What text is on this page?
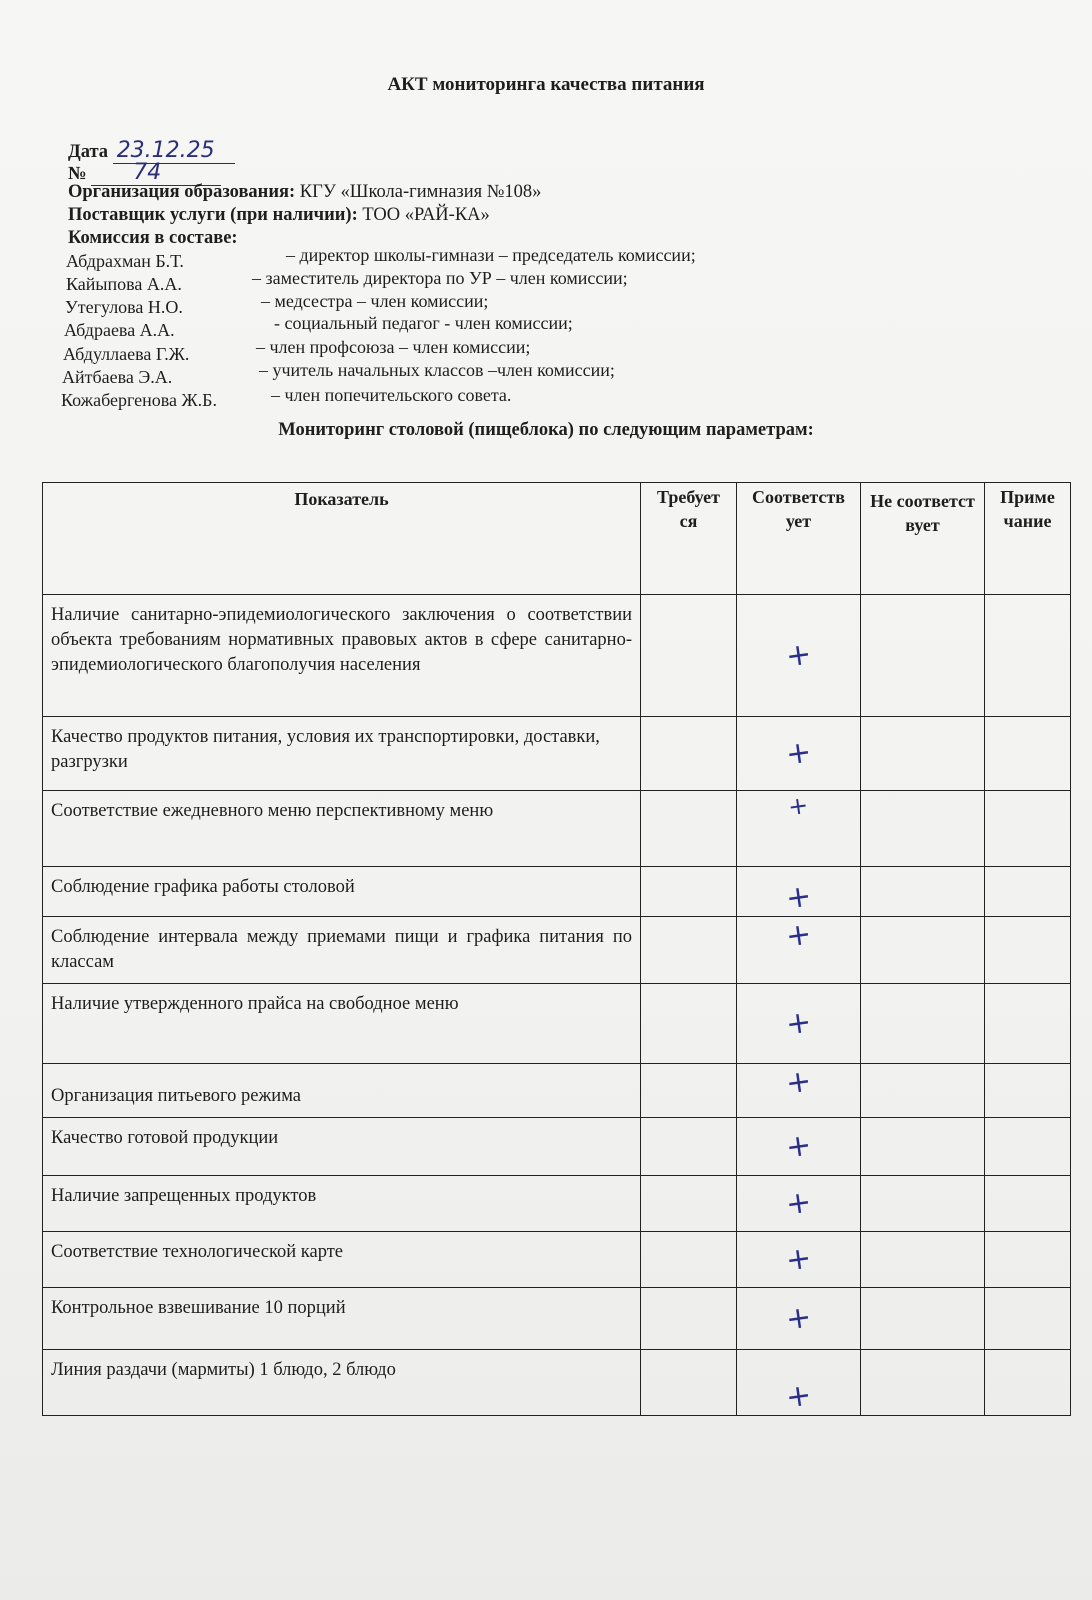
АКТ мониторинга качества питания
Дата 23.12.25
№ 74
Организация образования: КГУ «Школа-гимназия №108»
Поставщик услуги (при наличии): ТОО «РАЙ-КА»
Комиссия в составе:
Абдрахман Б.Т.	– директор школы-гимнази – председатель комиссии;
Кайыпова А.А.	– заместитель директора по УР – член комиссии;
Утегулова Н.О.	– медсестра – член комиссии;
Абдраева А.А.	- социальный педагог - член комиссии;
Абдуллаева Г.Ж.	– член профсоюза – член комиссии;
Айтбаева Э.А.	– учитель начальных классов –член комиссии;
Кожабергенова Ж.Б.	– член попечительского совета.
Мониторинг столовой (пищеблока) по следующим параметрам:
Показатель	Требуется	Соответствует	Не соответствует	Примечание
Наличие санитарно-эпидемиологического заключения о соответствии объекта требованиям нормативных правовых актов в сфере санитарно-эпидемиологического благополучия населения		+		
Качество продуктов питания, условия их транспортировки, доставки, разгрузки		+		
Соответствие ежедневного меню перспективному меню		+		
Соблюдение графика работы столовой		+		
Соблюдение интервала между приемами пищи и графика питания по классам		+		
Наличие утвержденного прайса на свободное меню		+		
Организация питьевого режима		+		
Качество готовой продукции		+		
Наличие запрещенных продуктов		+		
Соответствие технологической карте		+		
Контрольное взвешивание 10 порций		+		
Линия раздачи (мармиты) 1 блюдо, 2 блюдо		+		
